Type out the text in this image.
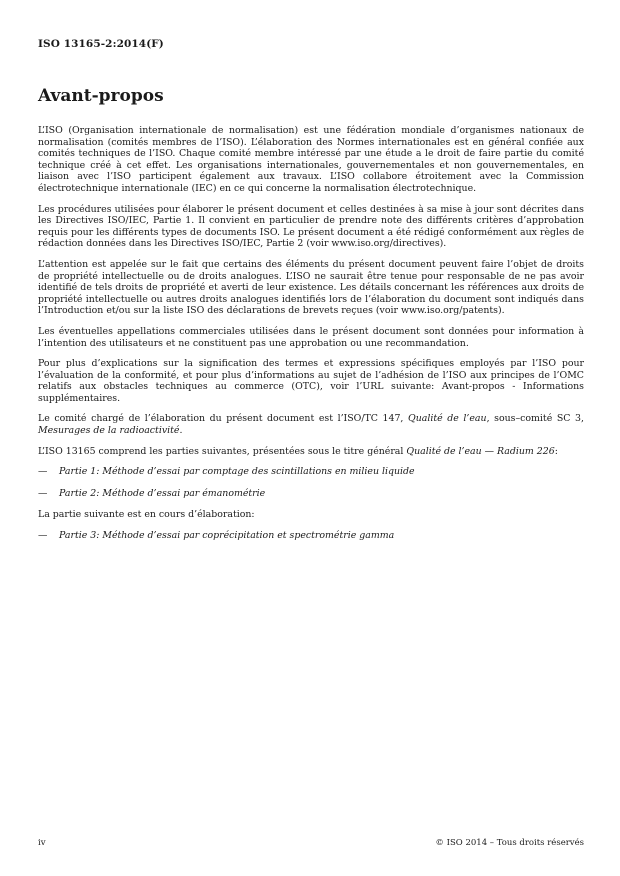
ISO 13165-2:2014(F)
Avant-propos

L’ISO (Organisation internationale de normalisation) est une fédération mondiale d’organismes nationaux de normalisation (comités membres de l’ISO). L’élaboration des Normes internationales est en général confiée aux comités techniques de l’ISO. Chaque comité membre intéressé par une étude a le droit de faire partie du comité technique créé à cet effet. Les organisations internationales, gouvernementales et non gouvernementales, en liaison avec l’ISO participent également aux travaux. L’ISO collabore étroitement avec la Commission électrotechnique internationale (IEC) en ce qui concerne la normalisation électrotechnique.

Les procédures utilisées pour élaborer le présent document et celles destinées à sa mise à jour sont décrites dans les Directives ISO/IEC, Partie 1. Il convient en particulier de prendre note des différents critères d’approbation requis pour les différents types de documents ISO. Le présent document a été rédigé conformément aux règles de rédaction données dans les Directives ISO/IEC, Partie 2 (voir www.iso.org/directives).

L’attention est appelée sur le fait que certains des éléments du présent document peuvent faire l’objet de droits de propriété intellectuelle ou de droits analogues. L’ISO ne saurait être tenue pour responsable de ne pas avoir identifié de tels droits de propriété et averti de leur existence. Les détails concernant les références aux droits de propriété intellectuelle ou autres droits analogues identifiés lors de l’élaboration du document sont indiqués dans l’Introduction et/ou sur la liste ISO des déclarations de brevets reçues (voir www.iso.org/patents).

Les éventuelles appellations commerciales utilisées dans le présent document sont données pour information à l’intention des utilisateurs et ne constituent pas une approbation ou une recommandation.

Pour plus d’explications sur la signification des termes et expressions spécifiques employés par l’ISO pour l’évaluation de la conformité, et pour plus d’informations au sujet de l’adhésion de l’ISO aux principes de l’OMC relatifs aux obstacles techniques au commerce (OTC), voir l’URL suivante: Avant-propos - Informations supplémentaires.

Le comité chargé de l’élaboration du présent document est l’ISO/TC 147, Qualité de l’eau, sous–comité SC 3, Mesurages de la radioactivité.

L’ISO 13165 comprend les parties suivantes, présentées sous le titre général Qualité de l’eau — Radium 226:

— Partie 1: Méthode d’essai par comptage des scintillations en milieu liquide

— Partie 2: Méthode d’essai par émanométrie

La partie suivante est en cours d’élaboration:

— Partie 3: Méthode d’essai par coprécipitation et spectrométrie gamma

iv	© ISO 2014 – Tous droits réservés
